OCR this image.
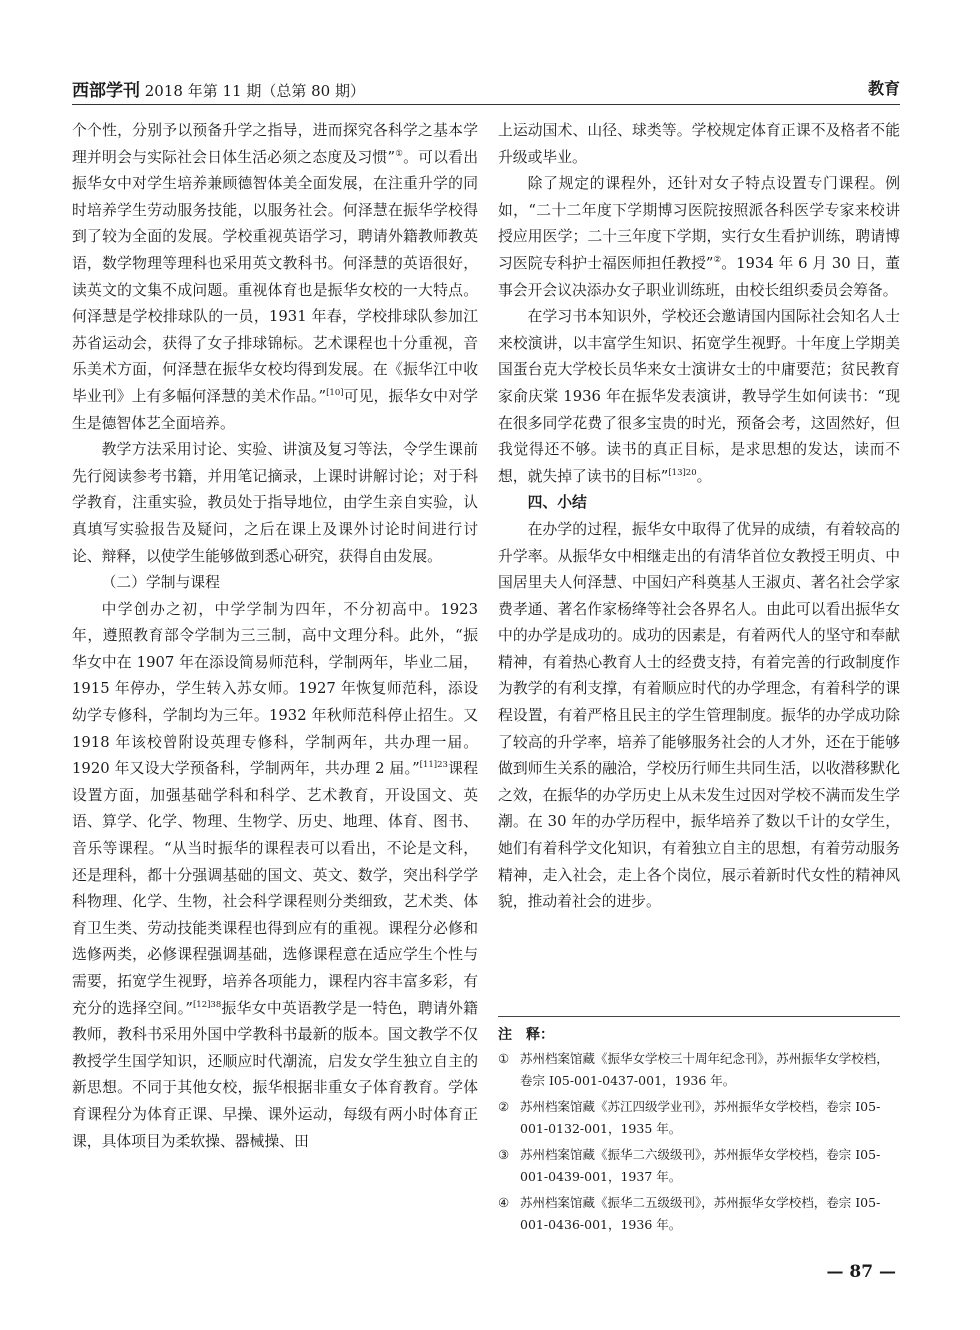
西部学刊 2018 年第 11 期（总第 80 期）	教育

个个性，分别予以预备升学之指导，进而探究各科学之基本学理并明会与实际社会日体生活必须之态度及习惯”①。可以看出振华女中对学生培养兼顾德智体美全面发展，在注重升学的同时培养学生劳动服务技能，以服务社会。何泽慧在振华学校得到了较为全面的发展。学校重视英语学习，聘请外籍教师教英语，数学物理等理科也采用英文教科书。何泽慧的英语很好，读英文的文集不成问题。重视体育也是振华女校的一大特点。何泽慧是学校排球队的一员，1931 年春，学校排球队参加江苏省运动会，获得了女子排球锦标。艺术课程也十分重视，音乐美术方面，何泽慧在振华女校均得到发展。在《振华江中收毕业刊》上有多幅何泽慧的美术作品。”[10]可见，振华女中对学生是德智体艺全面培养。

教学方法采用讨论、实验、讲演及复习等法，令学生课前先行阅读参考书籍，并用笔记摘录，上课时讲解讨论；对于科学教育，注重实验，教员处于指导地位，由学生亲自实验，认真填写实验报告及疑问，之后在课上及课外讨论时间进行讨论、辩释，以使学生能够做到悉心研究，获得自由发展。

（二）学制与课程

中学创办之初，中学学制为四年，不分初高中。1923 年，遵照教育部令学制为三三制，高中文理分科。此外，“振华女中在 1907 年在添设简易师范科，学制两年，毕业二届，1915 年停办，学生转入苏女师。1927 年恢复师范科，添设幼学专修科，学制均为三年。1932 年秋师范科停止招生。又 1918 年该校曾附设英理专修科，学制两年，共办理一届。1920 年又设大学预备科，学制两年，共办理 2 届。”$^{[11]23}$课程设置方面，加强基础学科和科学、艺术教育，开设国文、英语、算学、化学、物理、生物学、历史、地理、体育、图书、音乐等课程。“从当时振华的课程表可以看出，不论是文科，还是理科，都十分强调基础的国文、英文、数学，突出科学学科物理、化学、生物，社会科学课程则分类细致，艺术类、体育卫生类、劳动技能类课程也得到应有的重视。课程分必修和选修两类，必修课程强调基础，选修课程意在适应学生个性与需要，拓宽学生视野，培养各项能力，课程内容丰富多彩，有充分的选择空间。”$^{[12]38}$振华女中英语教学是一特色，聘请外籍教师，教科书采用外国中学教科书最新的版本。国文教学不仅教授学生国学知识，还顺应时代潮流，启发女学生独立自主的新思想。不同于其他女校，振华根据非重女子体育教育。学体育课程分为体育正课、早操、课外运动，每级有两小时体育正课，具体项目为柔软操、器械操、田

上运动国术、山径、球类等。学校规定体育正课不及格者不能升级或毕业。

除了规定的课程外，还针对女子特点设置专门课程。例如，“二十二年度下学期博习医院按照派各科医学专家来校讲授应用医学；二十三年度下学期，实行女生看护训练，聘请博习医院专科护士福医师担任教授”②。1934 年 6 月 30 日，董事会开会议决添办女子职业训练班，由校长组织委员会筹备。

在学习书本知识外，学校还会邀请国内国际社会知名人士来校演讲，以丰富学生知识、拓宽学生视野。十年度上学期美国蛋台克大学校长员华来女士演讲女士的中庸要范；贫民教育家俞庆棠 1936 年在振华发表演讲，教导学生如何读书：“现在很多同学花费了很多宝贵的时光，预备会考，这固然好，但我觉得还不够。读书的真正目标，是求思想的发达，读而不想，就失掉了读书的目标”$^{[13]20}$。

四、小结

在办学的过程，振华女中取得了优异的成绩，有着较高的升学率。从振华女中相继走出的有清华首位女教授王明贞、中国居里夫人何泽慧、中国妇产科奠基人王淑贞、著名社会学家费孝通、著名作家杨绛等社会各界名人。由此可以看出振华女中的办学是成功的。成功的因素是，有着两代人的坚守和奉献精神，有着热心教育人士的经费支持，有着完善的行政制度作为教学的有利支撑，有着顺应时代的办学理念，有着科学的课程设置，有着严格且民主的学生管理制度。振华的办学成功除了较高的升学率，培养了能够服务社会的人才外，还在于能够做到师生关系的融洽，学校历行师生共同生活，以收潜移默化之效，在振华的办学历史上从未发生过因对学校不满而发生学潮。在 30 年的办学历程中，振华培养了数以千计的女学生，她们有着科学文化知识，有着独立自主的思想，有着劳动服务精神，走入社会，走上各个岗位，展示着新时代女性的精神风貌，推动着社会的进步。

注　释：
① 苏州档案馆藏《振华女学校三十周年纪念刊》，苏州振华女学校档，卷宗 I05-001-0437-001，1936 年。
② 苏州档案馆藏《苏江四级学业刊》，苏州振华女学校档，卷宗 I05-001-0132-001，1935 年。
③ 苏州档案馆藏《振华二六级级刊》，苏州振华女学校档，卷宗 I05-001-0439-001，1937 年。
④ 苏州档案馆藏《振华二五级级刊》，苏州振华女学校档，卷宗 I05-001-0436-001，1936 年。
— 87 —
